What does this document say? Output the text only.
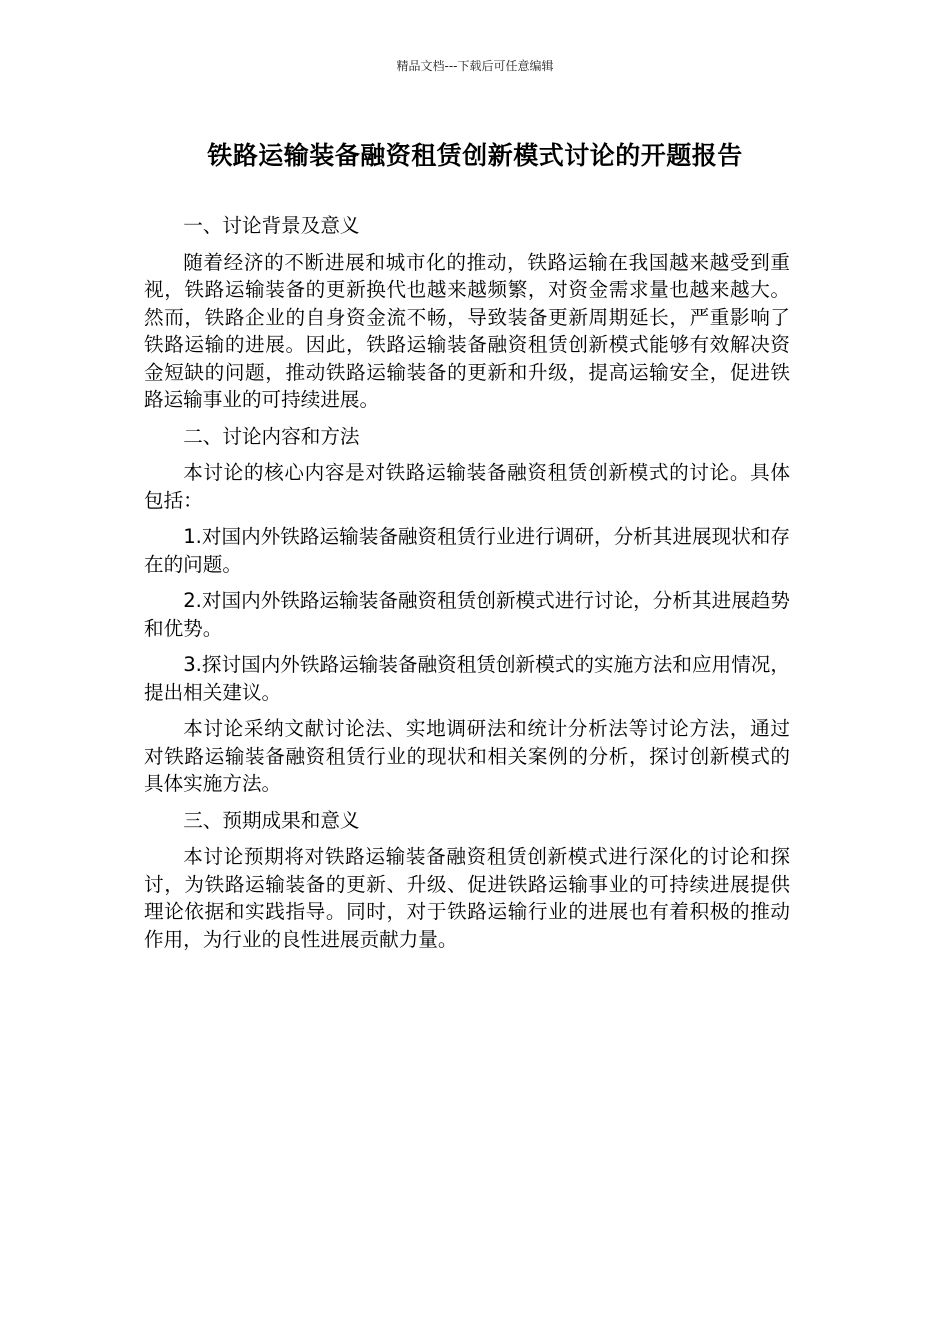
精品文档---下载后可任意编辑
铁路运输装备融资租赁创新模式讨论的开题报告

一、讨论背景及意义

随着经济的不断进展和城市化的推动，铁路运输在我国越来越受到重视，铁路运输装备的更新换代也越来越频繁，对资金需求量也越来越大。然而，铁路企业的自身资金流不畅，导致装备更新周期延长，严重影响了铁路运输的进展。因此，铁路运输装备融资租赁创新模式能够有效解决资金短缺的问题，推动铁路运输装备的更新和升级，提高运输安全，促进铁路运输事业的可持续进展。

二、讨论内容和方法

本讨论的核心内容是对铁路运输装备融资租赁创新模式的讨论。具体包括：

1.对国内外铁路运输装备融资租赁行业进行调研，分析其进展现状和存在的问题。

2.对国内外铁路运输装备融资租赁创新模式进行讨论，分析其进展趋势和优势。

3.探讨国内外铁路运输装备融资租赁创新模式的实施方法和应用情况，提出相关建议。

本讨论采纳文献讨论法、实地调研法和统计分析法等讨论方法，通过对铁路运输装备融资租赁行业的现状和相关案例的分析，探讨创新模式的具体实施方法。

三、预期成果和意义

本讨论预期将对铁路运输装备融资租赁创新模式进行深化的讨论和探讨，为铁路运输装备的更新、升级、促进铁路运输事业的可持续进展提供理论依据和实践指导。同时，对于铁路运输行业的进展也有着积极的推动作用，为行业的良性进展贡献力量。
